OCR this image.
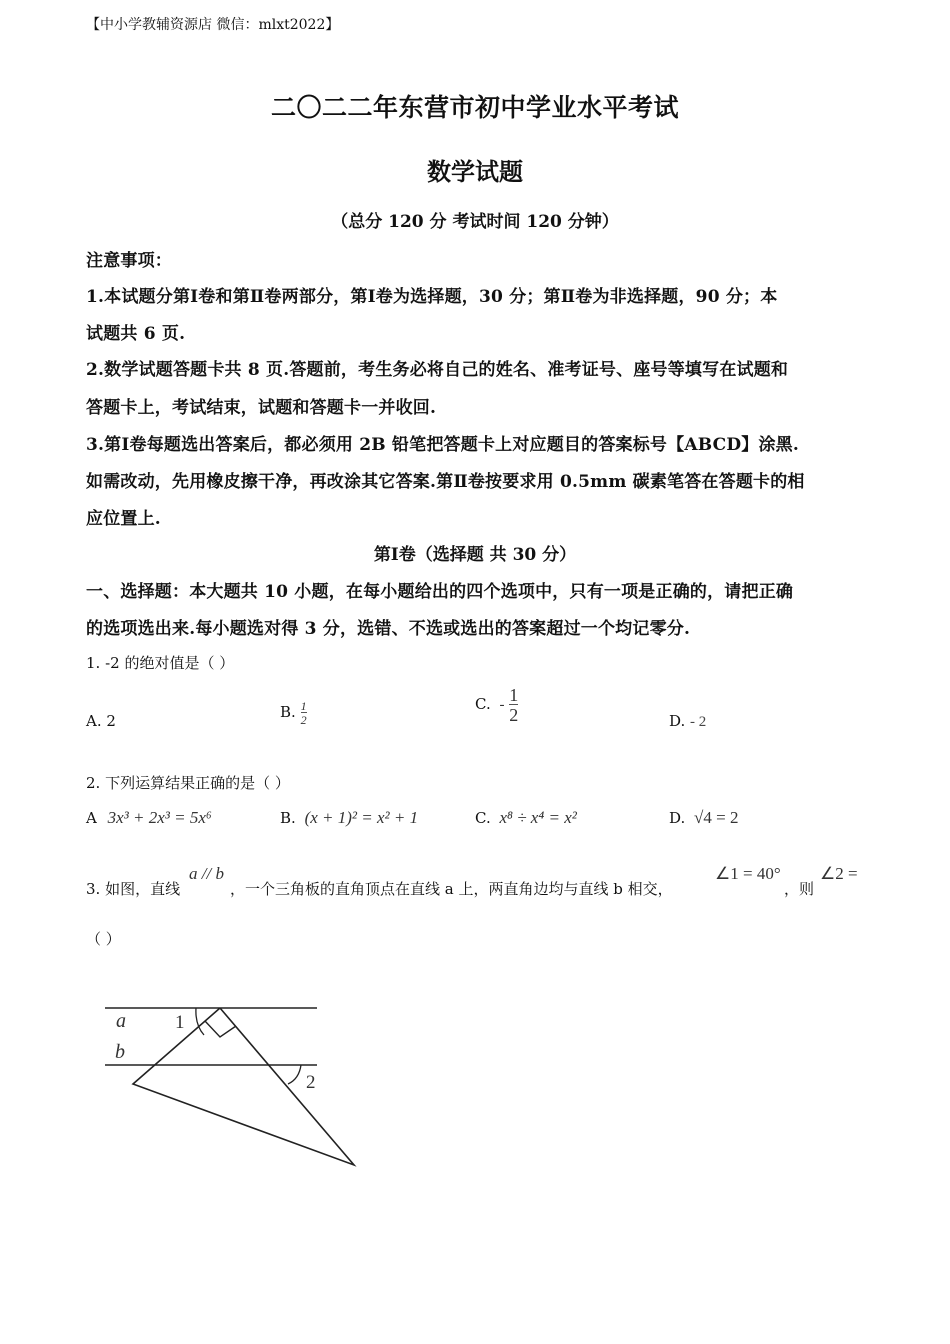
【中小学教辅资源店 微信：mlxt2022】
二〇二二年东营市初中学业水平考试
数学试题
（总分 120 分 考试时间 120 分钟）
注意事项：
1.本试题分第Ⅰ卷和第Ⅱ卷两部分，第Ⅰ卷为选择题，30 分；第Ⅱ卷为非选择题，90 分；本
试题共 6 页.
2.数学试题答题卡共 8 页.答题前，考生务必将自己的姓名、准考证号、座号等填写在试题和
答题卡上，考试结束，试题和答题卡一并收回.
3.第Ⅰ卷每题选出答案后，都必须用 2B 铅笔把答题卡上对应题目的答案标号【ABCD】涂黑.
如需改动，先用橡皮擦干净，再改涂其它答案.第Ⅱ卷按要求用 0.5mm 碳素笔答在答题卡的相
应位置上.
第Ⅰ卷（选择题 共 30 分）
一、选择题：本大题共 10 小题，在每小题给出的四个选项中，只有一项是正确的，请把正确
的选项选出来.每小题选对得 3 分，选错、不选或选出的答案超过一个均记零分.
1. -2 的绝对值是（ ）
A. 2	B. $\frac{1}{2}$	C. - $\frac{1}{2}$	D. - 2
2. 下列运算结果正确的是（ ）
A 3x³ + 2x³ = 5x⁶	B. (x + 1)² = x² + 1	C. x⁸ ÷ x⁴ = x²	D. √4 = 2
3. 如图，直线
a // b
，一个三角板的直角顶点在直线 a 上，两直角边均与直线 b 相交，
∠1 = 40°
，则
∠2 =
（ ）
a
b
1
2
